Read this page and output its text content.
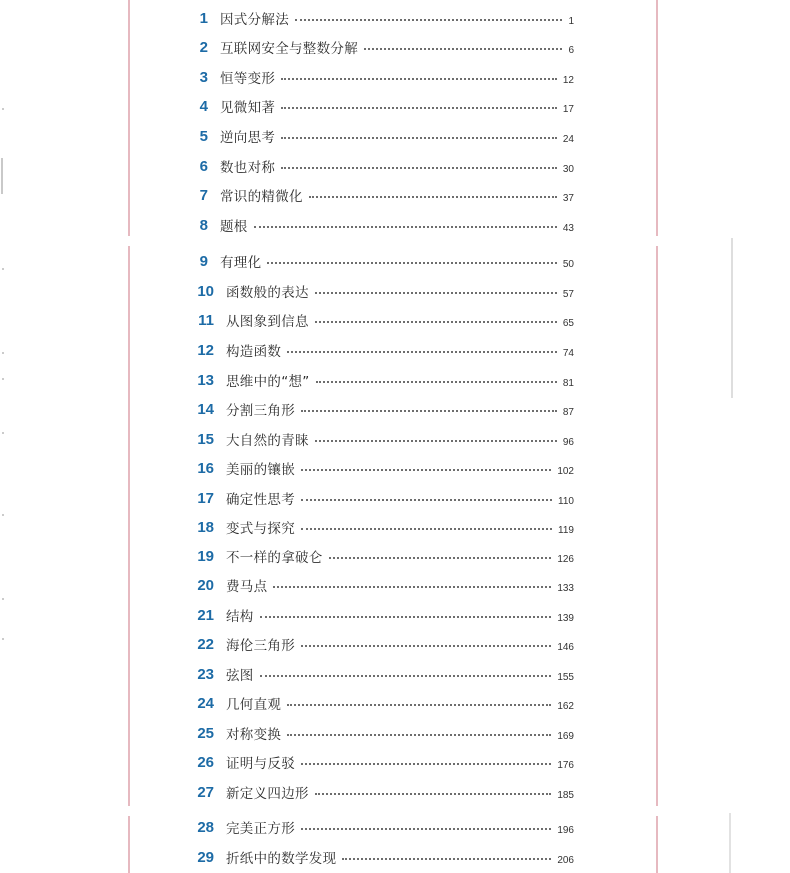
1 因式分解法	1
2 互联网安全与整数分解	6
3 恒等变形	12
4 见微知著	17
5 逆向思考	24
6 数也对称	30
7 常识的精微化	37
8 题根	43
9 有理化	50
10 函数般的表达	57
11 从图象到信息	65
12 构造函数	74
13 思维中的“想”	81
14 分割三角形	87
15 大自然的青睐	96
16 美丽的镶嵌	102
17 确定性思考	110
18 变式与探究	119
19 不一样的拿破仑	126
20 费马点	133
21 结构	139
22 海伦三角形	146
23 弦图	155
24 几何直观	162
25 对称变换	169
26 证明与反驳	176
27 新定义四边形	185
28 完美正方形	196
29 折纸中的数学发现	206
